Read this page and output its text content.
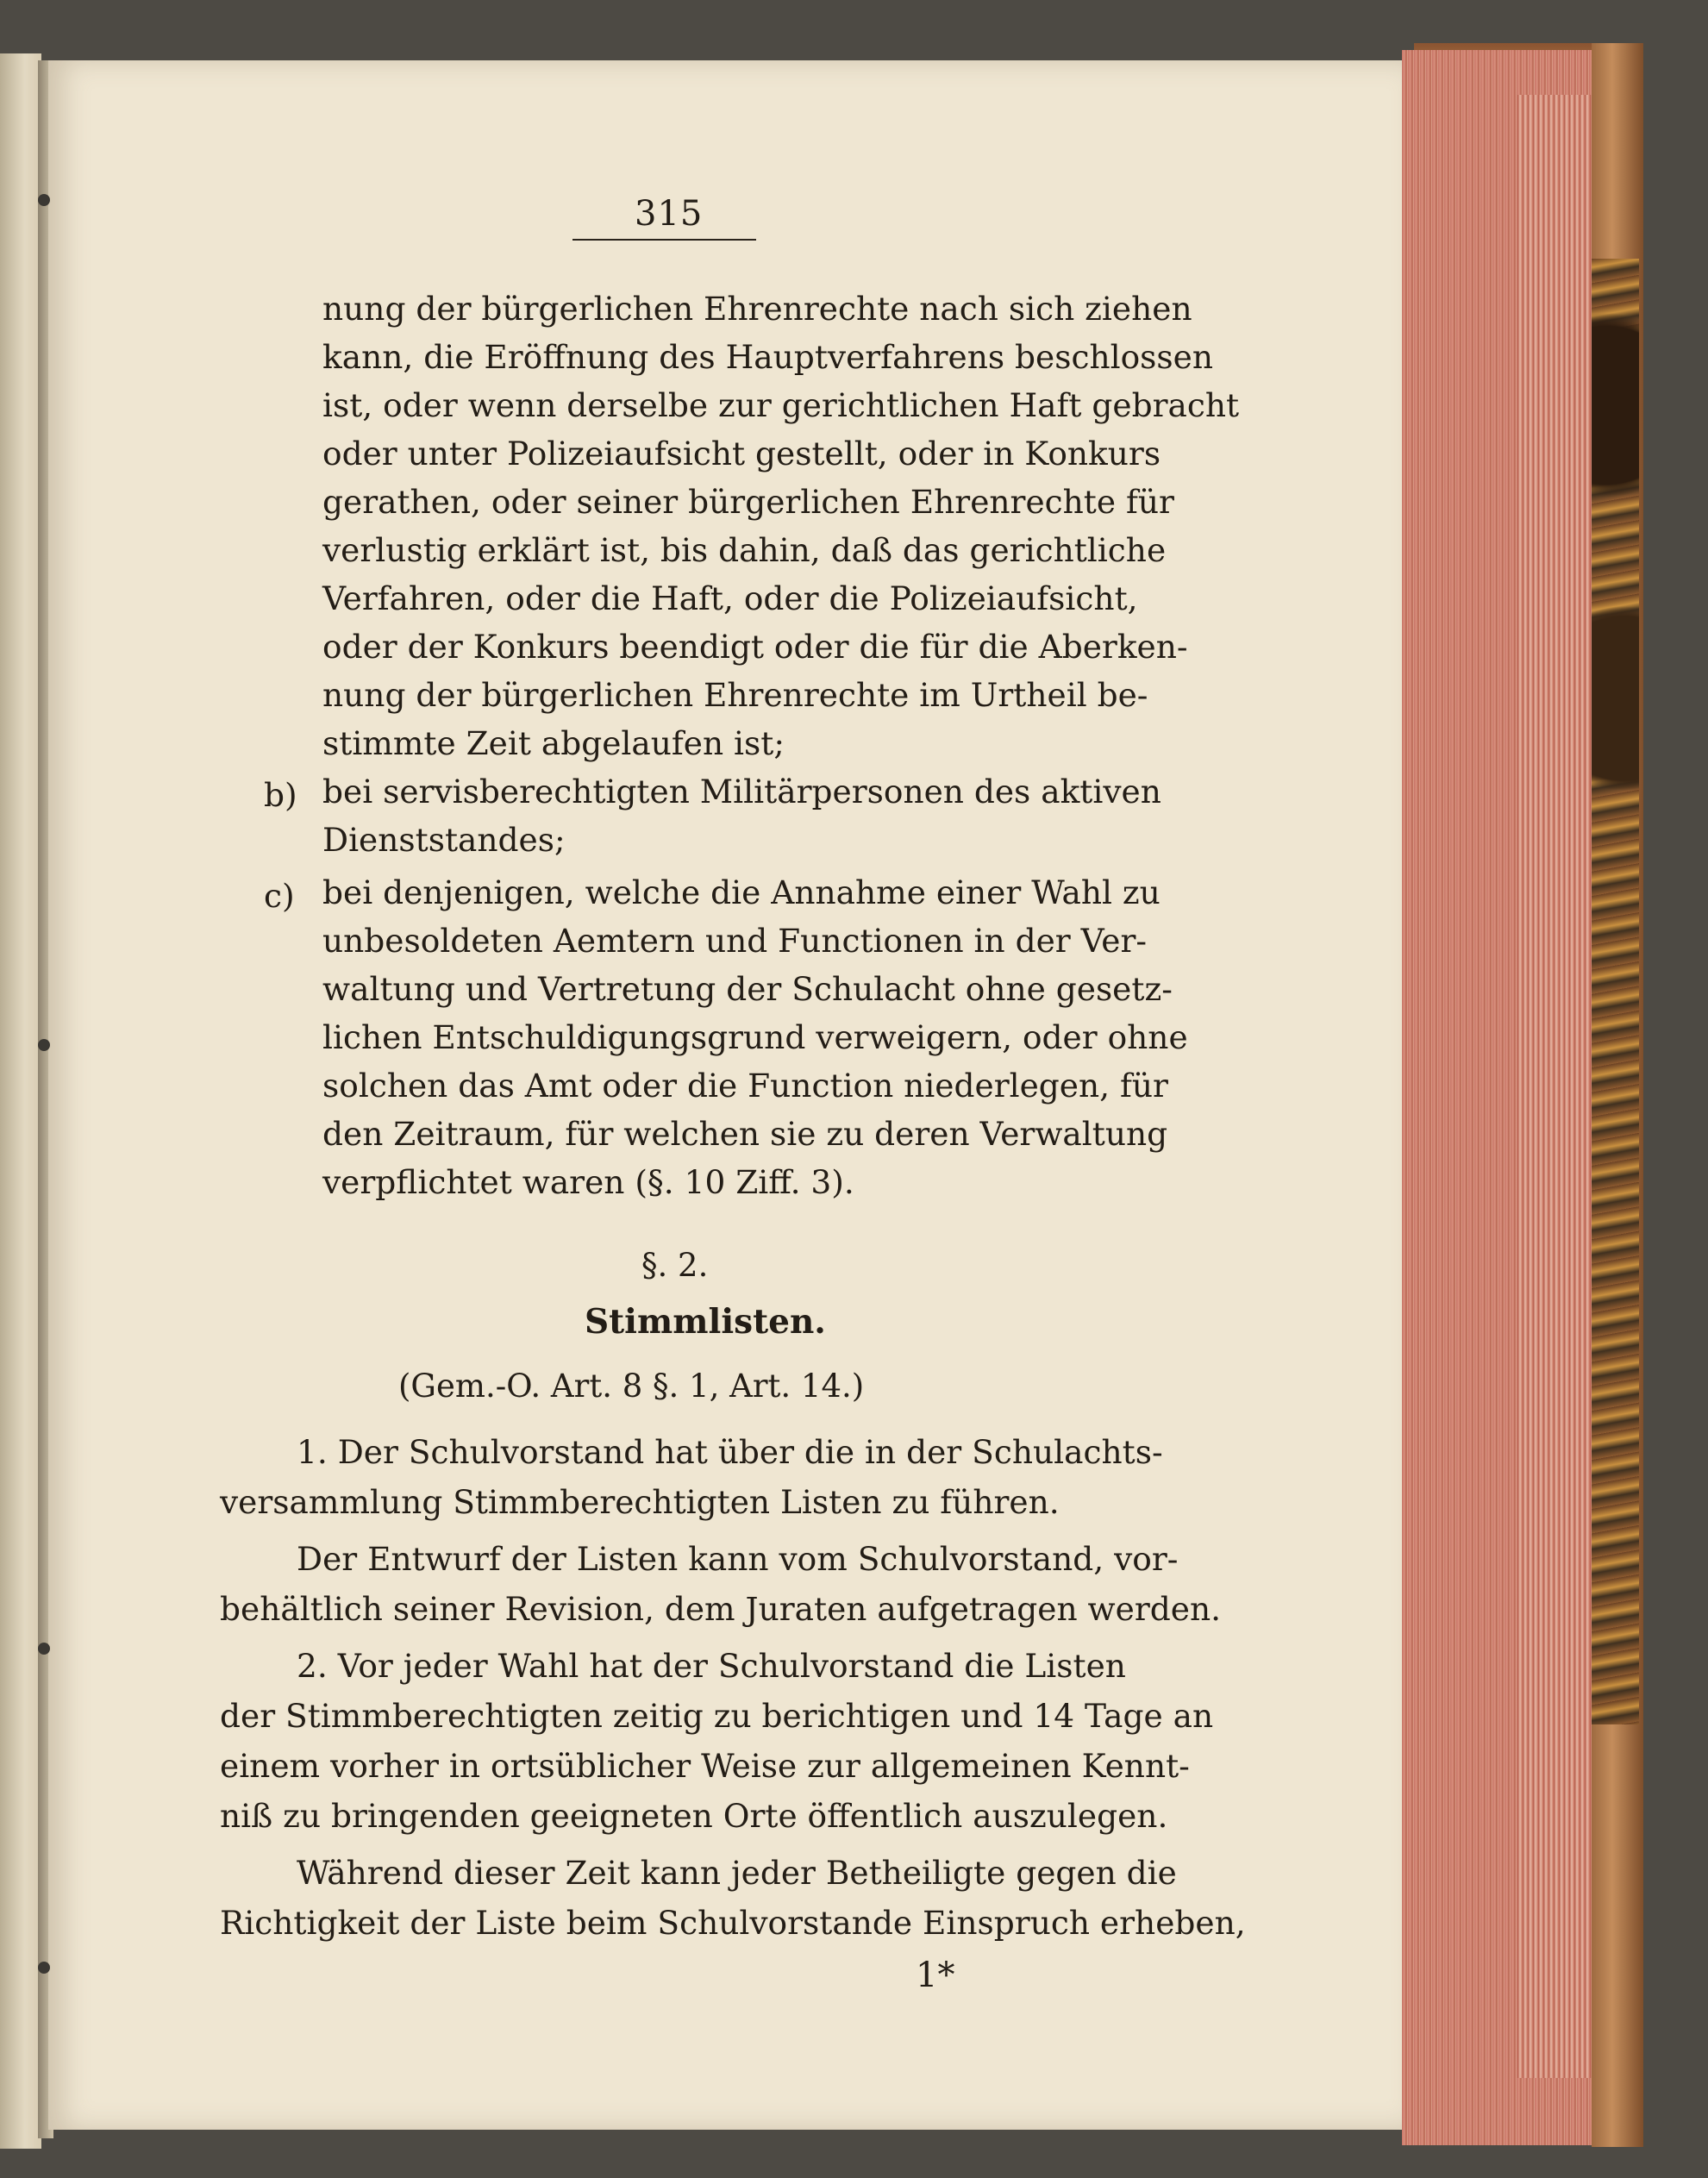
315
nung der bürgerlichen Ehrenrechte nach sich ziehen
kann, die Eröffnung des Hauptverfahrens beschlossen
ist, oder wenn derselbe zur gerichtlichen Haft gebracht
oder unter Polizeiaufsicht gestellt, oder in Konkurs
gerathen, oder seiner bürgerlichen Ehrenrechte für
verlustig erklärt ist, bis dahin, daß das gerichtliche
Verfahren, oder die Haft, oder die Polizeiaufsicht,
oder der Konkurs beendigt oder die für die Aberken-
nung der bürgerlichen Ehrenrechte im Urtheil be-
stimmte Zeit abgelaufen ist;
b) bei servisberechtigten Militärpersonen des aktiven
Dienststandes;
c) bei denjenigen, welche die Annahme einer Wahl zu
unbesoldeten Aemtern und Functionen in der Ver-
waltung und Vertretung der Schulacht ohne gesetz-
lichen Entschuldigungsgrund verweigern, oder ohne
solchen das Amt oder die Function niederlegen, für
den Zeitraum, für welchen sie zu deren Verwaltung
verpflichtet waren (§. 10 Ziff. 3).
§. 2.
Stimmlisten.
(Gem.-O. Art. 8 §. 1, Art. 14.)
1. Der Schulvorstand hat über die in der Schulachts-
versammlung Stimmberechtigten Listen zu führen.
Der Entwurf der Listen kann vom Schulvorstand, vor-
behältlich seiner Revision, dem Juraten aufgetragen werden.
2. Vor jeder Wahl hat der Schulvorstand die Listen
der Stimmberechtigten zeitig zu berichtigen und 14 Tage an
einem vorher in ortsüblicher Weise zur allgemeinen Kennt-
niß zu bringenden geeigneten Orte öffentlich auszulegen.
Während dieser Zeit kann jeder Betheiligte gegen die
Richtigkeit der Liste beim Schulvorstande Einspruch erheben,
1*
